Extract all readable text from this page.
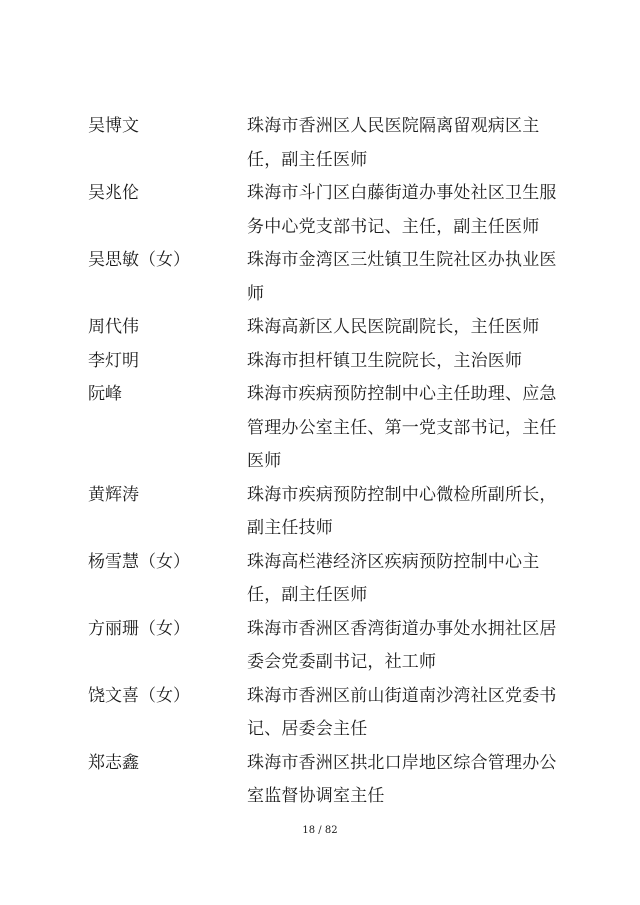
吴博文	珠海市香洲区人民医院隔离留观病区主任，副主任医师
吴兆伦	珠海市斗门区白藤街道办事处社区卫生服务中心党支部书记、主任，副主任医师
吴思敏（女）	珠海市金湾区三灶镇卫生院社区办执业医师
周代伟	珠海高新区人民医院副院长，主任医师
李灯明	珠海市担杆镇卫生院院长，主治医师
阮峰	珠海市疾病预防控制中心主任助理、应急管理办公室主任、第一党支部书记，主任医师
黄辉涛	珠海市疾病预防控制中心微检所副所长，副主任技师
杨雪慧（女）	珠海高栏港经济区疾病预防控制中心主任，副主任医师
方丽珊（女）	珠海市香洲区香湾街道办事处水拥社区居委会党委副书记，社工师
饶文喜（女）	珠海市香洲区前山街道南沙湾社区党委书记、居委会主任
郑志鑫	珠海市香洲区拱北口岸地区综合管理办公室监督协调室主任
18 / 82
